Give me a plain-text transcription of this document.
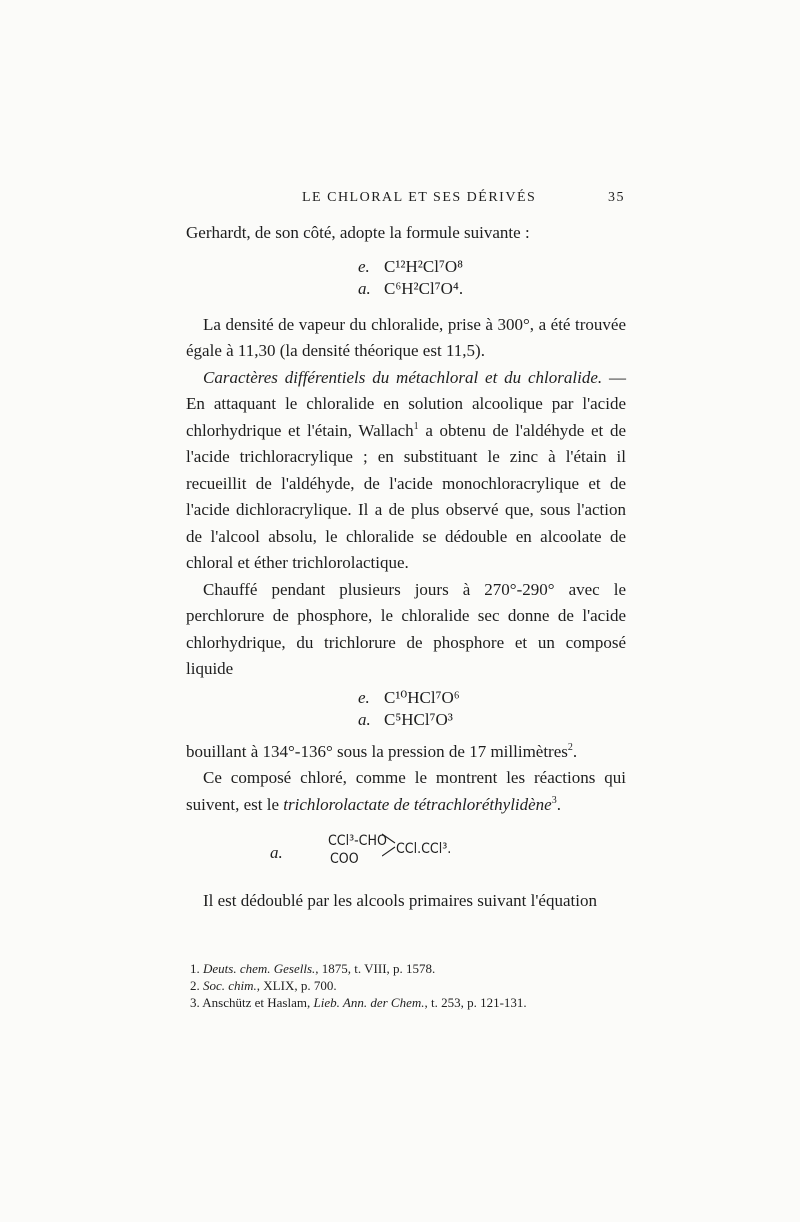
LE CHLORAL ET SES DÉRIVÉS	35

Gerhardt, de son côté, adopte la formule suivante :

e. C¹²H²Cl⁷O⁸
a. C⁶H²Cl⁷O⁴.

La densité de vapeur du chloralide, prise à 300°, a été trouvée égale à 11,30 (la densité théorique est 11,5).

Caractères différentiels du métachloral et du chloralide. — En attaquant le chloralide en solution alcoolique par l'acide chlorhydrique et l'étain, Wallach$^1$ a obtenu de l'aldéhyde et de l'acide trichloracrylique ; en substituant le zinc à l'étain il recueillit de l'aldéhyde, de l'acide monochloracrylique et de l'acide dichloracrylique. Il a de plus observé que, sous l'action de l'alcool absolu, le chloralide se dédouble en alcoolate de chloral et éther trichlorolactique.

Chauffé pendant plusieurs jours à 270°-290° avec le perchlorure de phosphore, le chloralide sec donne de l'acide chlorhydrique, du trichlorure de phosphore et un composé liquide

e. C¹⁰HCl⁷O⁶
a. C⁵HCl⁷O³

bouillant à 134°-136° sous la pression de 17 millimètres$^2$.

Ce composé chloré, comme le montrent les réactions qui suivent, est le trichlorolactate de tétrachloréthylidène$^3$.

a.
CCl³-CHO
COO
CCl.CCl³.

Il est dédoublé par les alcools primaires suivant l'équation

1. Deuts. chem. Gesells., 1875, t. VIII, p. 1578.
2. Soc. chim., XLIX, p. 700.
3. Anschütz et Haslam, Lieb. Ann. der Chem., t. 253, p. 121-131.
